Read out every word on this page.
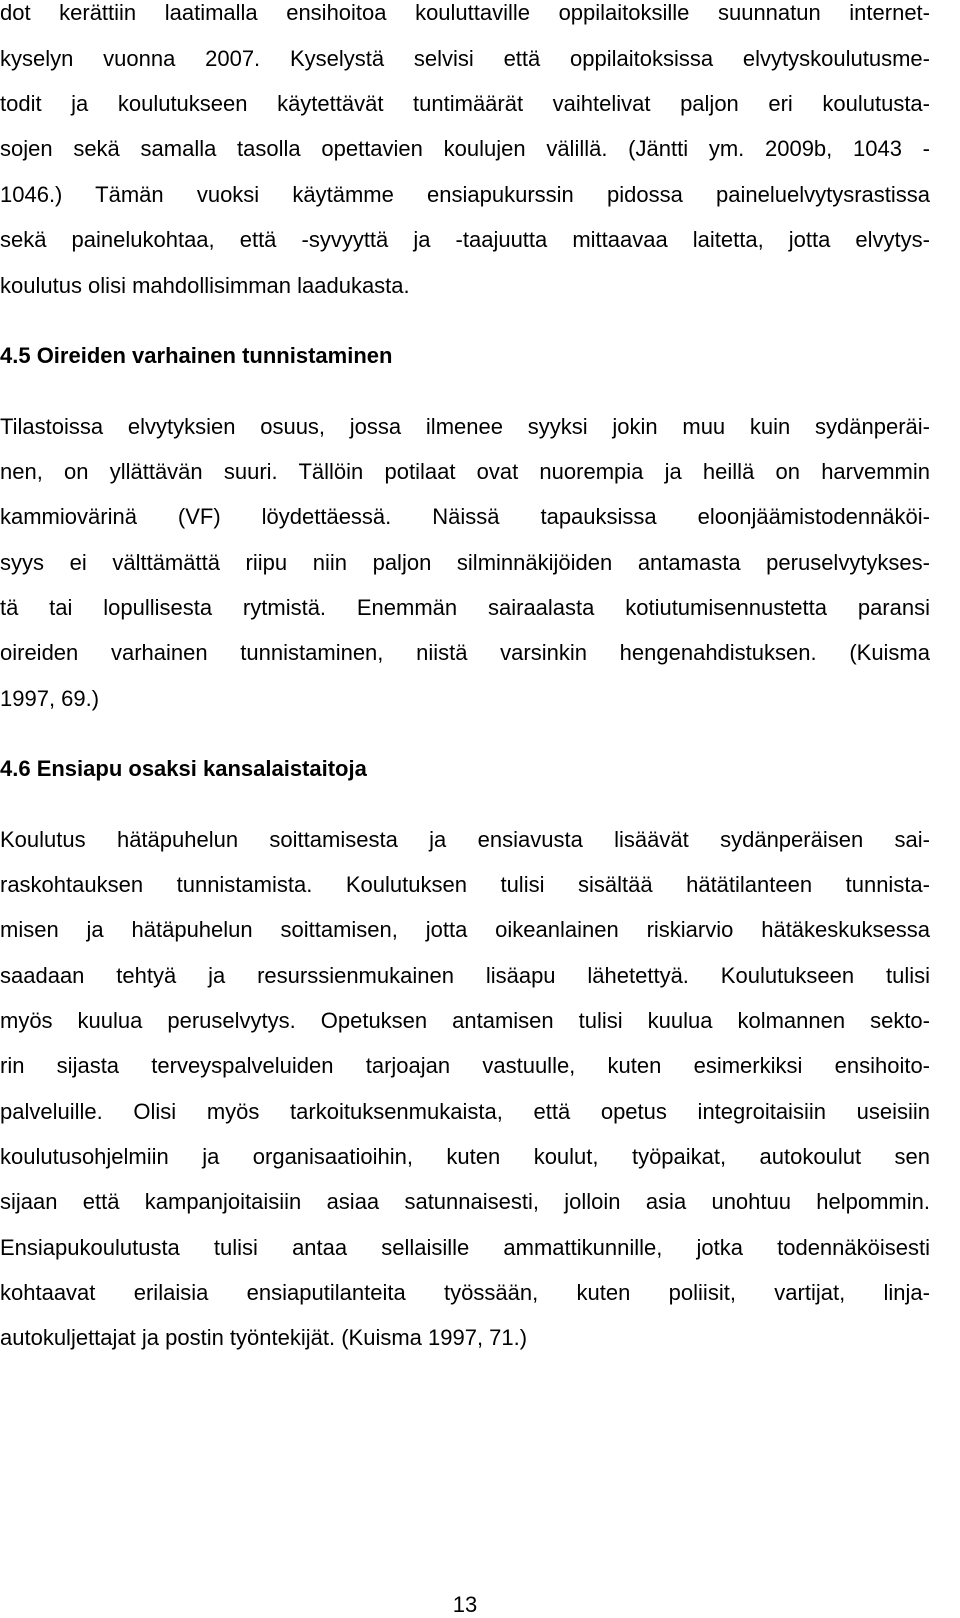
dot kerättiin laatimalla ensihoitoa kouluttaville oppilaitoksille suunnatun internet-
kyselyn vuonna 2007. Kyselystä selvisi että oppilaitoksissa elvytyskoulutusme-
todit ja koulutukseen käytettävät tuntimäärät vaihtelivat paljon eri koulutusta-
sojen sekä samalla tasolla opettavien koulujen välillä. (Jäntti ym. 2009b, 1043 -
1046.) Tämän vuoksi käytämme ensiapukurssin pidossa paineluelvytysrastissa
sekä painelukohtaa, että -syvyyttä ja -taajuutta mittaavaa laitetta, jotta elvytys-
koulutus olisi mahdollisimman laadukasta.
4.5 Oireiden varhainen tunnistaminen
Tilastoissa elvytyksien osuus, jossa ilmenee syyksi jokin muu kuin sydänperäi-
nen, on yllättävän suuri. Tällöin potilaat ovat nuorempia ja heillä on harvemmin
kammiovärinä (VF) löydettäessä. Näissä tapauksissa eloonjäämistodennäköi-
syys ei välttämättä riipu niin paljon silminnäkijöiden antamasta peruselvytykses-
tä tai lopullisesta rytmistä. Enemmän sairaalasta kotiutumisennustetta paransi
oireiden varhainen tunnistaminen, niistä varsinkin hengenahdistuksen. (Kuisma
1997, 69.)
4.6 Ensiapu osaksi kansalaistaitoja
Koulutus hätäpuhelun soittamisesta ja ensiavusta lisäävät sydänperäisen sai-
raskohtauksen tunnistamista. Koulutuksen tulisi sisältää hätätilanteen tunnista-
misen ja hätäpuhelun soittamisen, jotta oikeanlainen riskiarvio hätäkeskuksessa
saadaan tehtyä ja resurssienmukainen lisäapu lähetettyä. Koulutukseen tulisi
myös kuulua peruselvytys. Opetuksen antamisen tulisi kuulua kolmannen sekto-
rin sijasta terveyspalveluiden tarjoajan vastuulle, kuten esimerkiksi ensihoito-
palveluille. Olisi myös tarkoituksenmukaista, että opetus integroitaisiin useisiin
koulutusohjelmiin ja organisaatioihin, kuten koulut, työpaikat, autokoulut sen
sijaan että kampanjoitaisiin asiaa satunnaisesti, jolloin asia unohtuu helpommin.
Ensiapukoulutusta tulisi antaa sellaisille ammattikunnille, jotka todennäköisesti
kohtaavat erilaisia ensiaputilanteita työssään, kuten poliisit, vartijat, linja-
autokuljettajat ja postin työntekijät. (Kuisma 1997, 71.)
13
